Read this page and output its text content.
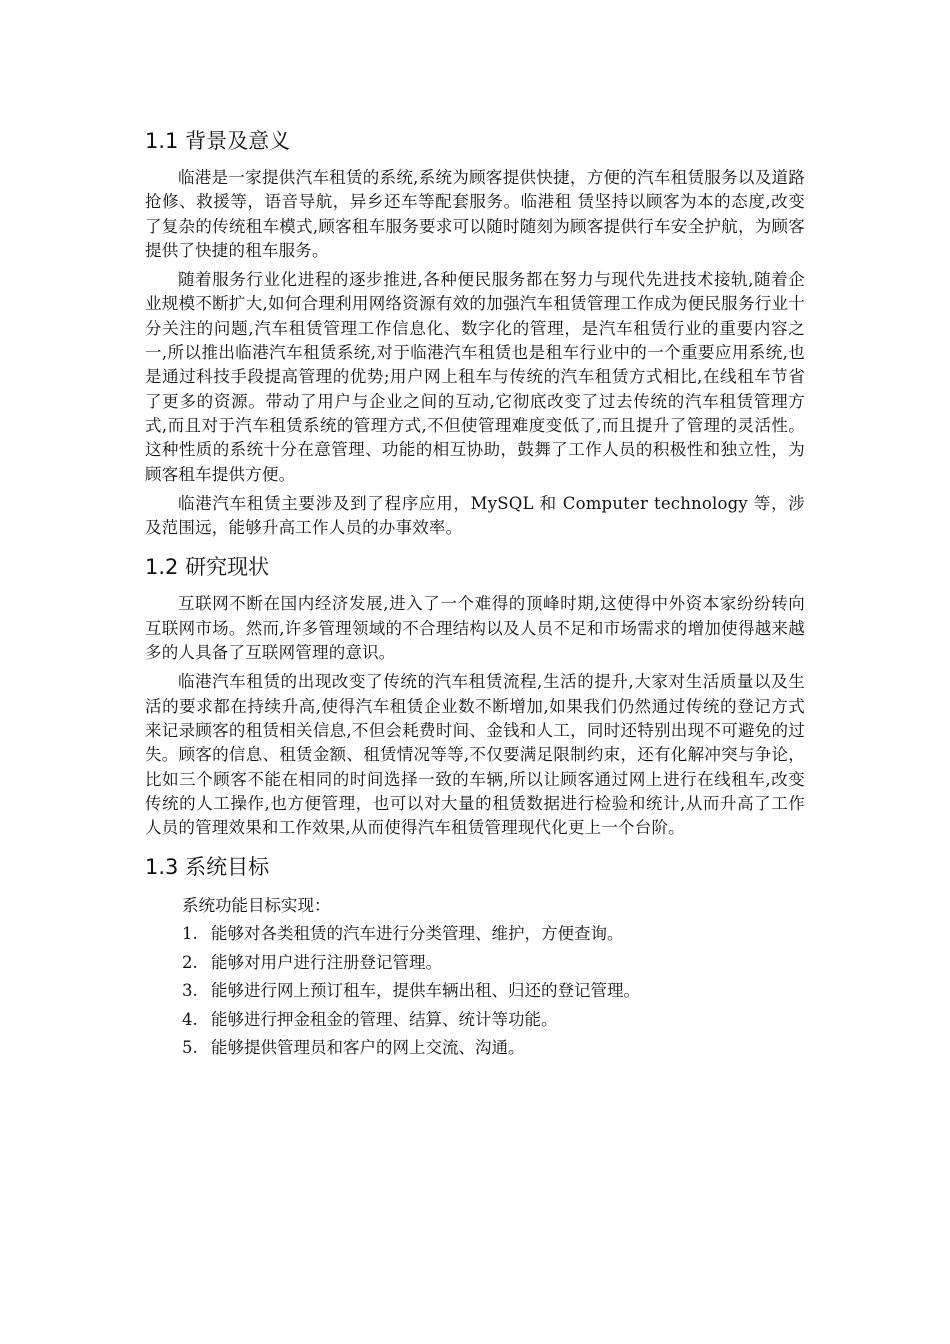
1.1 背景及意义

临港是一家提供汽车租赁的系统,系统为顾客提供快捷，方便的汽车租赁服务以及道路抢修、救援等，语音导航，异乡还车等配套服务。临港租 赁坚持以顾客为本的态度,改变了复杂的传统租车模式,顾客租车服务要求可以随时随刻为顾客提供行车安全护航，为顾客提供了快捷的租车服务。

随着服务行业化进程的逐步推进,各种便民服务都在努力与现代先进技术接轨,随着企业规模不断扩大,如何合理利用网络资源有效的加强汽车租赁管理工作成为便民服务行业十分关注的问题,汽车租赁管理工作信息化、数字化的管理，是汽车租赁行业的重要内容之一,所以推出临港汽车租赁系统,对于临港汽车租赁也是租车行业中的一个重要应用系统,也是通过科技手段提高管理的优势;用户网上租车与传统的汽车租赁方式相比,在线租车节省了更多的资源。带动了用户与企业之间的互动,它彻底改变了过去传统的汽车租赁管理方式,而且对于汽车租赁系统的管理方式,不但使管理难度变低了,而且提升了管理的灵活性。这种性质的系统十分在意管理、功能的相互协助，鼓舞了工作人员的积极性和独立性，为顾客租车提供方便。

临港汽车租赁主要涉及到了程序应用，MySQL 和 Computer technology 等，涉及范围远，能够升高工作人员的办事效率。

1.2 研究现状

互联网不断在国内经济发展,进入了一个难得的顶峰时期,这使得中外资本家纷纷转向互联网市场。然而,许多管理领域的不合理结构以及人员不足和市场需求的增加使得越来越多的人具备了互联网管理的意识。

临港汽车租赁的出现改变了传统的汽车租赁流程,生活的提升,大家对生活质量以及生活的要求都在持续升高,使得汽车租赁企业数不断增加,如果我们仍然通过传统的登记方式来记录顾客的租赁相关信息,不但会耗费时间、金钱和人工，同时还特别出现不可避免的过失。顾客的信息、租赁金额、租赁情况等等,不仅要满足限制约束，还有化解冲突与争论，比如三个顾客不能在相同的时间选择一致的车辆,所以让顾客通过网上进行在线租车,改变传统的人工操作,也方便管理，也可以对大量的租赁数据进行检验和统计,从而升高了工作人员的管理效果和工作效果,从而使得汽车租赁管理现代化更上一个台阶。

1.3 系统目标

系统功能目标实现：

1. 能够对各类租赁的汽车进行分类管理、维护，方便查询。
2. 能够对用户进行注册登记管理。
3. 能够进行网上预订租车，提供车辆出租、归还的登记管理。
4. 能够进行押金租金的管理、结算、统计等功能。
5. 能够提供管理员和客户的网上交流、沟通。
